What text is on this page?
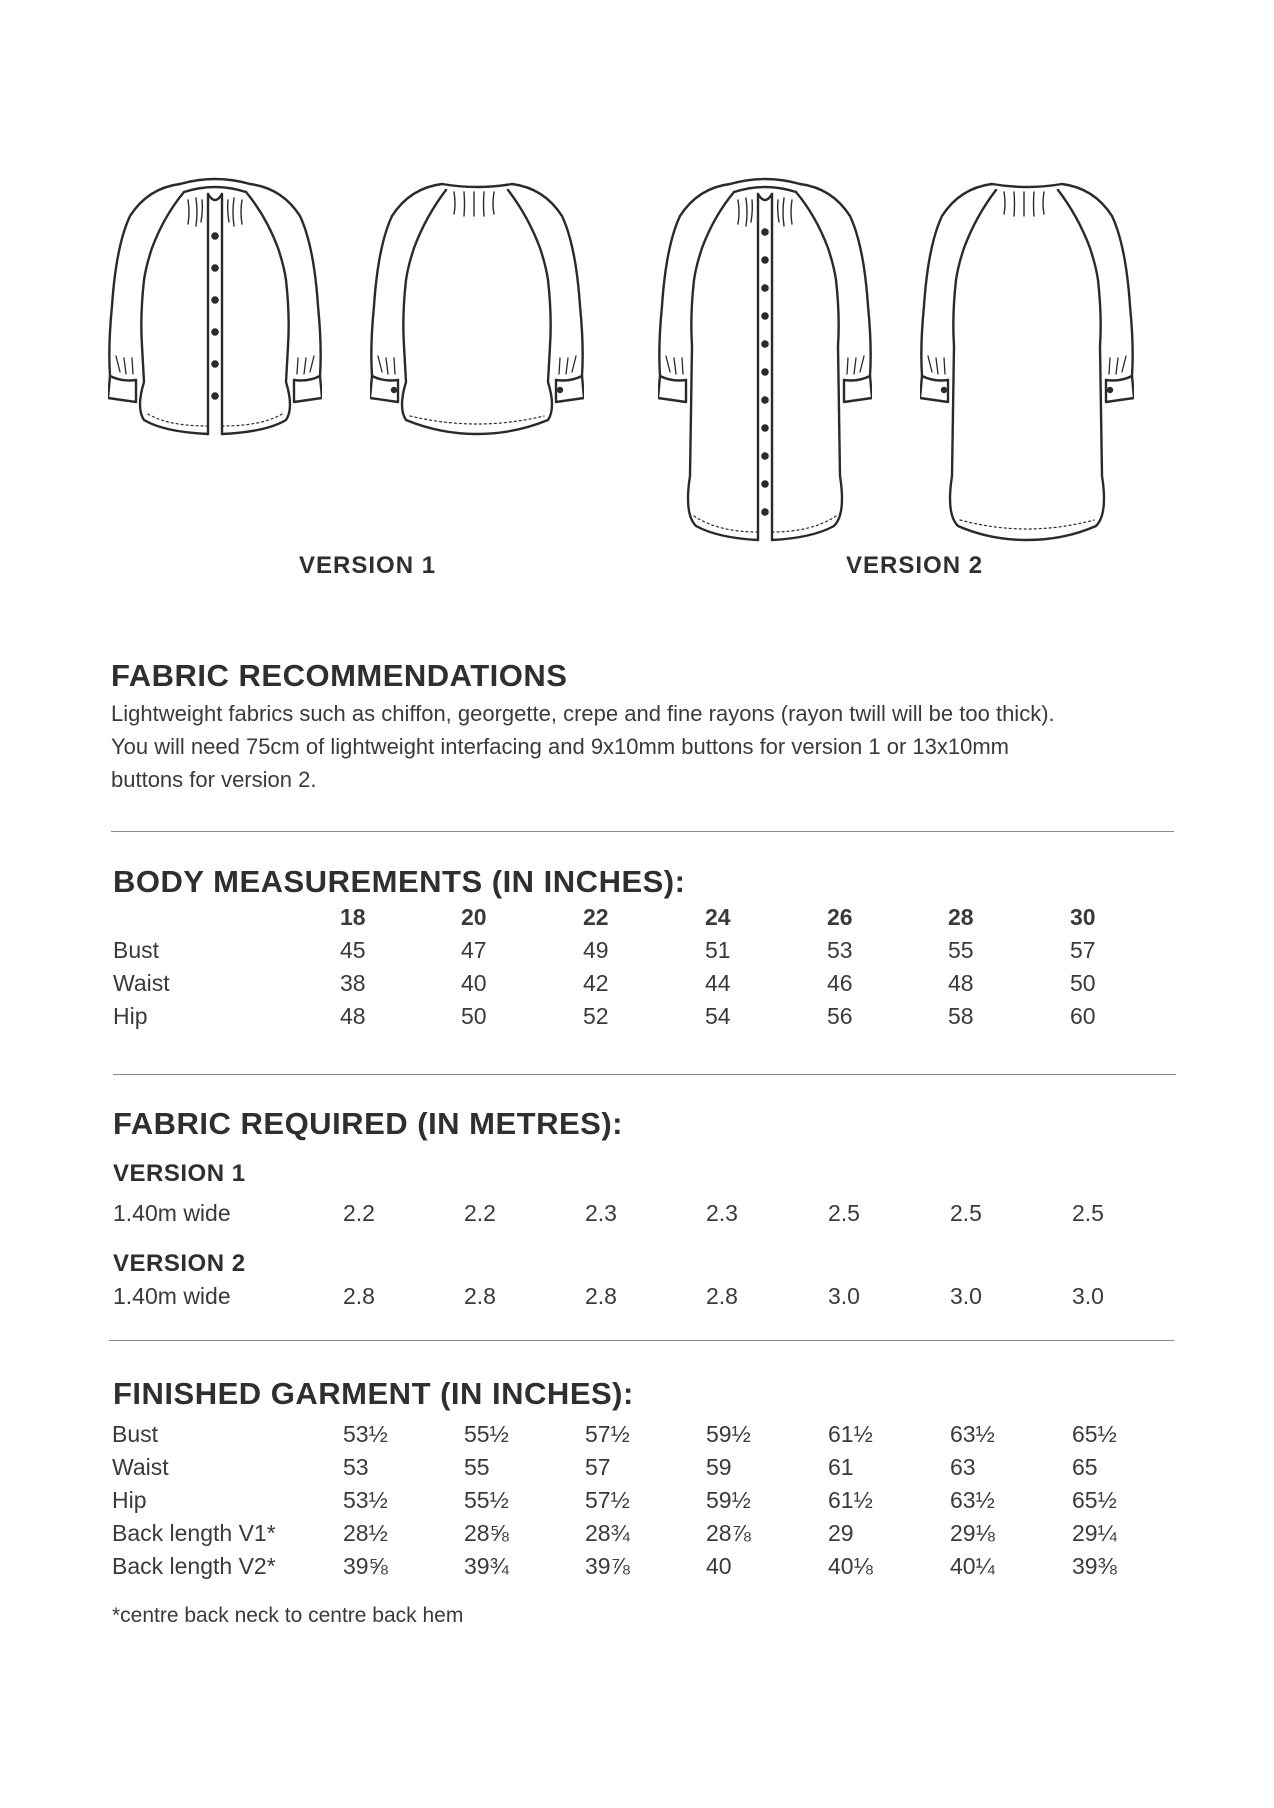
VERSION 1	VERSION 2
FABRIC RECOMMENDATIONS
Lightweight fabrics such as chiffon, georgette, crepe and fine rayons (rayon twill will be too thick).
You will need 75cm of lightweight interfacing and 9x10mm buttons for version 1 or 13x10mm
buttons for version 2.
BODY MEASUREMENTS (IN INCHES):
18	20	22	24	26	28	30
Bust	45	47	49	51	53	55	57
Waist	38	40	42	44	46	48	50
Hip	48	50	52	54	56	58	60
FABRIC REQUIRED (IN METRES):
VERSION 1
1.40m wide	2.2	2.2	2.3	2.3	2.5	2.5	2.5
VERSION 2
1.40m wide	2.8	2.8	2.8	2.8	3.0	3.0	3.0
FINISHED GARMENT (IN INCHES):
Bust	53½	55½	57½	59½	61½	63½	65½
Waist	53	55	57	59	61	63	65
Hip	53½	55½	57½	59½	61½	63½	65½
Back length V1*	28½	28⅝	28¾	28⅞	29	29⅛	29¼
Back length V2*	39⅝	39¾	39⅞	40	40⅛	40¼	39⅜
*centre back neck to centre back hem
